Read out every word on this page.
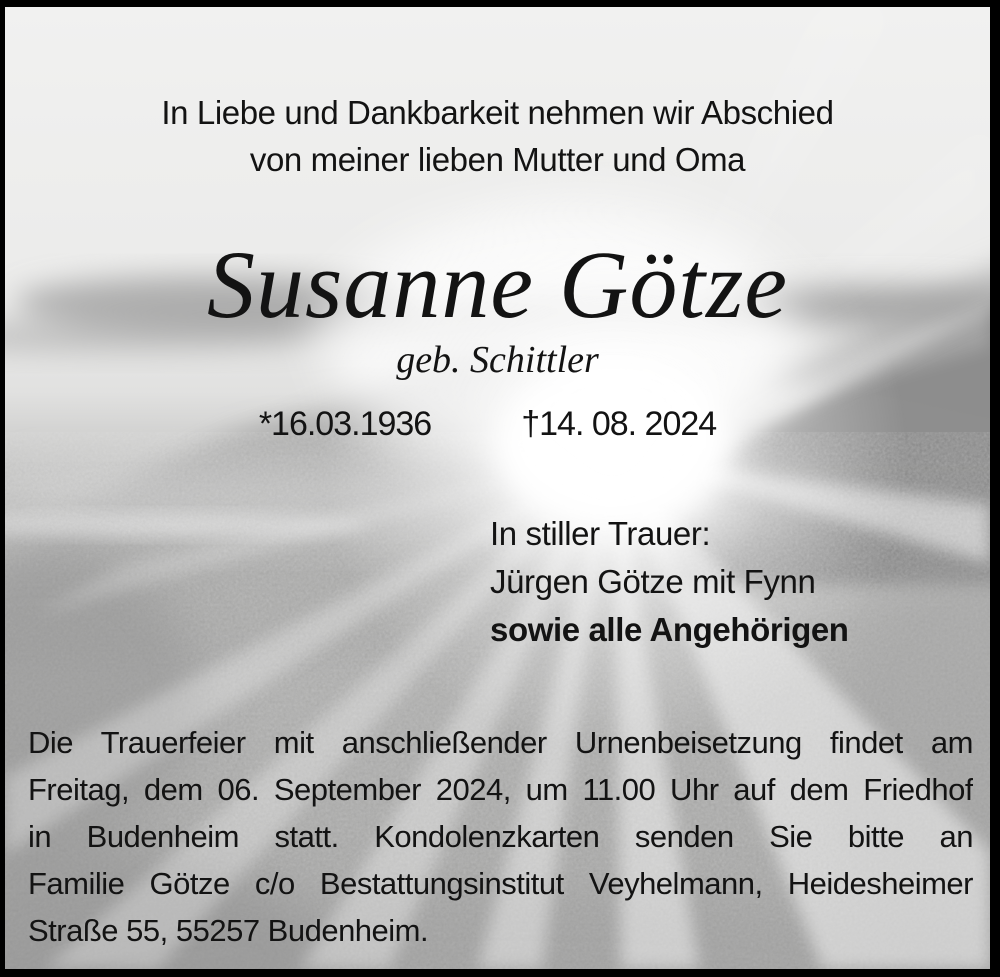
In Liebe und Dankbarkeit nehmen wir Abschied
von meiner lieben Mutter und Oma
Susanne Götze
geb. Schittler
*16.03.1936	†14. 08. 2024
In stiller Trauer:
Jürgen Götze mit Fynn
sowie alle Angehörigen
Die Trauerfeier mit anschließender Urnenbeisetzung findet am
Freitag, dem 06. September 2024, um 11.00 Uhr auf dem Friedhof
in Budenheim statt. Kondolenzkarten senden Sie bitte an
Familie Götze c/o Bestattungsinstitut Veyhelmann, Heidesheimer
Straße 55, 55257 Budenheim.
